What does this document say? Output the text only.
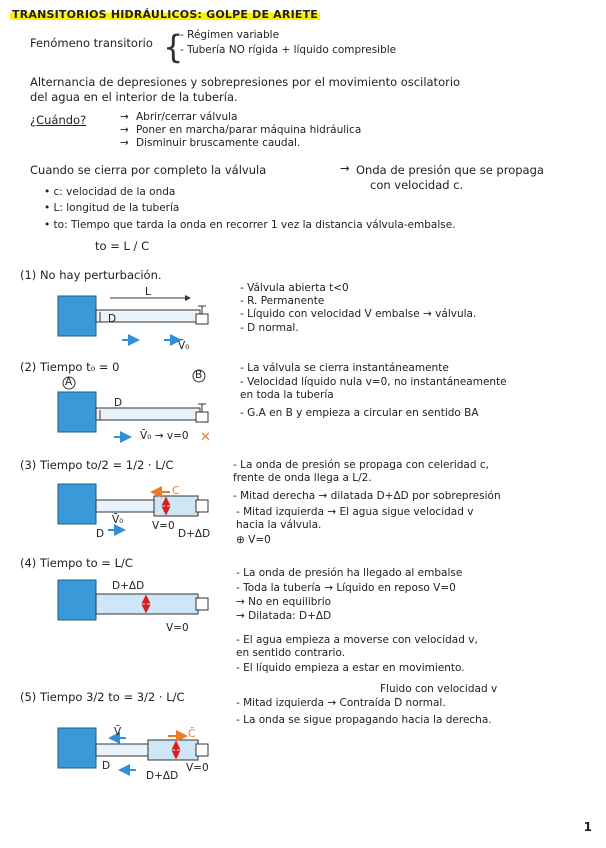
TRANSITORIOS HIDRÁULICOS: GOLPE DE ARIETE
Fenómeno transitorio {
- Régimen variable
- Tubería NO rígida + líquido compresible
Alternancia de depresiones y sobrepresiones por el movimiento oscilatorio
del agua en el interior de la tubería.
¿Cuándo?	→ Abrir/cerrar válvula
→ Poner en marcha/parar máquina hidráulica
→ Disminuir bruscamente caudal.
Cuando se cierra por completo la válvula	→ Onda de presión que se propaga
con velocidad c.
• c: velocidad de la onda
• L: longitud de la tubería
• to: Tiempo que tarda la onda en recorrer 1 vez la distancia válvula-embalse.
to = L / C
(1) No hay perturbación.
(2) Tiempo t₀ = 0
(3) Tiempo to/2 = 1/2 · L/C
(4) Tiempo to = L/C
(5) Tiempo 3/2 to = 3/2 · L/C
- Válvula abierta t<0
- R. Permanente
- Líquido con velocidad V embalse → válvula.
- D normal.
- La válvula se cierra instantáneamente
- Velocidad líquido nula v=0, no instantáneamente
en toda la tubería
- G.A en B y empieza a circular en sentido BA
- La onda de presión se propaga con celeridad c,
frente de onda llega a L/2.
- Mitad derecha → dilatada D+ΔD por sobrepresión
- Mitad izquierda → El agua sigue velocidad v
hacia la válvula.
⊕ V=0
- La onda de presión ha llegado al embalse
- Toda la tubería → Líquido en reposo V=0
→ No en equilibrio
→ Dilatada: D+ΔD
- El agua empieza a moverse con velocidad v,
en sentido contrario.
- El líquido empieza a estar en movimiento.
Fluido con velocidad v
- Mitad izquierda → Contraída D normal.
- La onda se sigue propagando hacia la derecha.
1
✕
L
D
V̄₀
A
B
D
V̄₀ → v=0
C
D
V̄₀	V=0
D+ΔD
D+ΔD
V=0
V̄	C̄
D
D+ΔD
V=0
